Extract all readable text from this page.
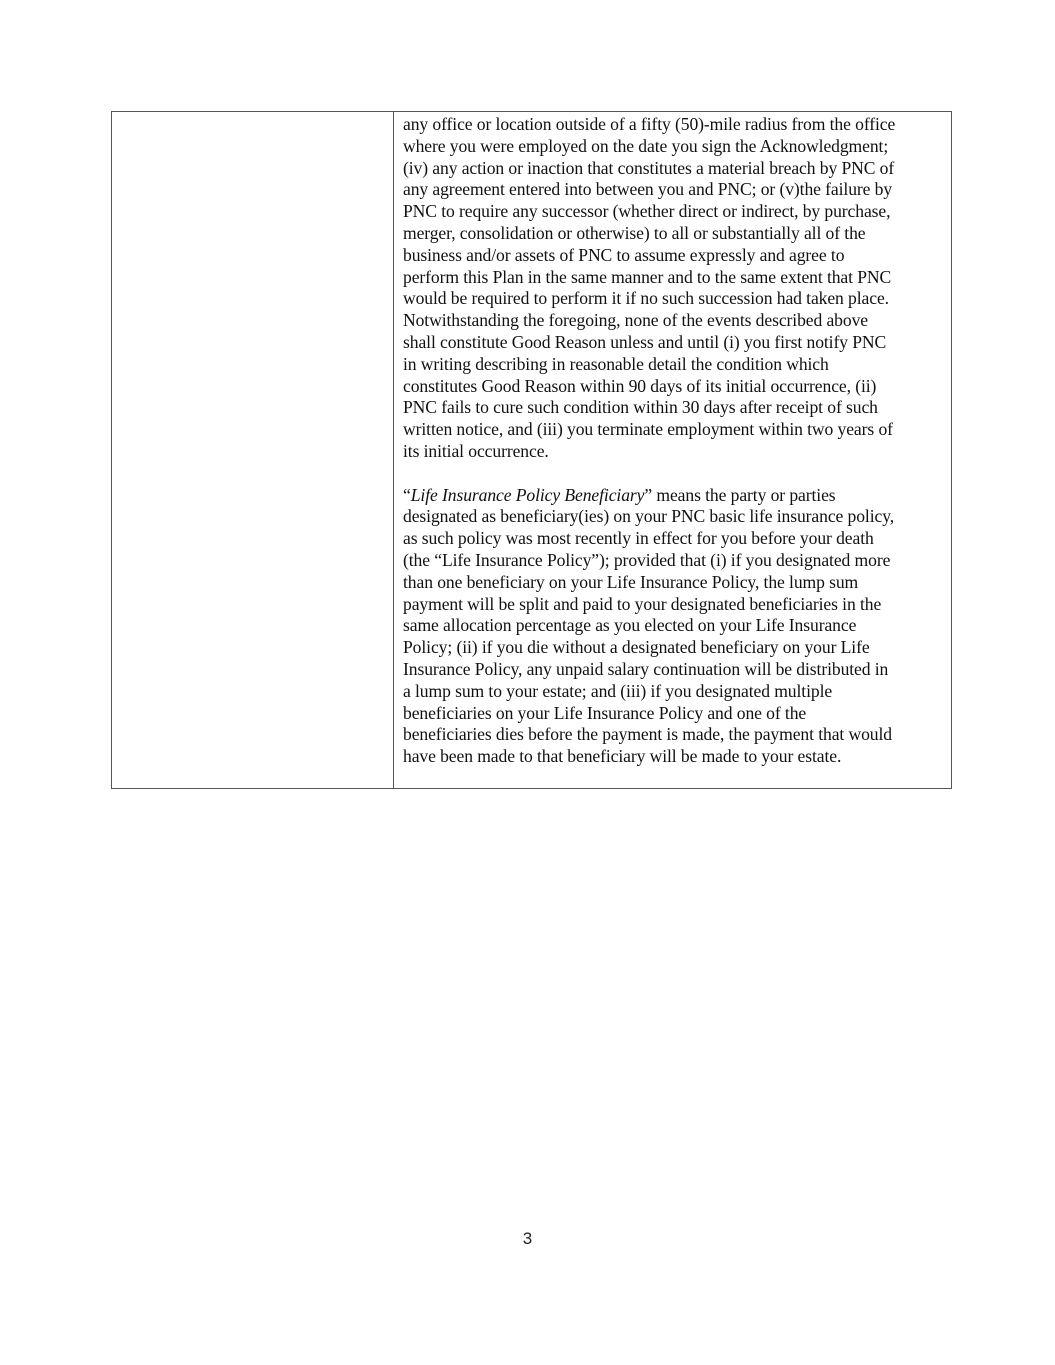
any office or location outside of a fifty (50)-mile radius from the office
where you were employed on the date you sign the Acknowledgment;
(iv) any action or inaction that constitutes a material breach by PNC of
any agreement entered into between you and PNC; or (v)the failure by
PNC to require any successor (whether direct or indirect, by purchase,
merger, consolidation or otherwise) to all or substantially all of the
business and/or assets of PNC to assume expressly and agree to
perform this Plan in the same manner and to the same extent that PNC
would be required to perform it if no such succession had taken place.
Notwithstanding the foregoing, none of the events described above
shall constitute Good Reason unless and until (i) you first notify PNC
in writing describing in reasonable detail the condition which
constitutes Good Reason within 90 days of its initial occurrence, (ii)
PNC fails to cure such condition within 30 days after receipt of such
written notice, and (iii) you terminate employment within two years of
its initial occurrence.

“Life Insurance Policy Beneficiary” means the party or parties
designated as beneficiary(ies) on your PNC basic life insurance policy,
as such policy was most recently in effect for you before your death
(the “Life Insurance Policy”); provided that (i) if you designated more
than one beneficiary on your Life Insurance Policy, the lump sum
payment will be split and paid to your designated beneficiaries in the
same allocation percentage as you elected on your Life Insurance
Policy; (ii) if you die without a designated beneficiary on your Life
Insurance Policy, any unpaid salary continuation will be distributed in
a lump sum to your estate; and (iii) if you designated multiple
beneficiaries on your Life Insurance Policy and one of the
beneficiaries dies before the payment is made, the payment that would
have been made to that beneficiary will be made to your estate.

3
